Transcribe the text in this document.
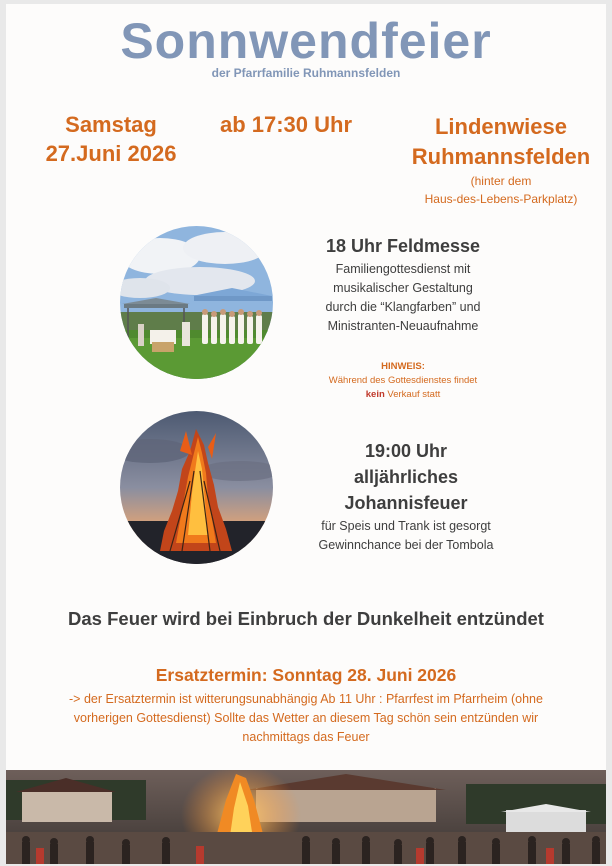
Sonnwendfeier
der Pfarrfamilie Ruhmannsfelden
Samstag
27.Juni 2026
ab 17:30 Uhr	Lindenwiese
Ruhmannsfelden
(hinter dem
Haus-des-Lebens-Parkplatz)
18 Uhr Feldmesse
Familiengottesdienst mit
musikalischer Gestaltung
durch die “Klangfarben” und
Ministranten-Neuaufnahme
HINWEIS:
Während des Gottesdienstes findet
kein Verkauf statt
19:00 Uhr
alljährliches
Johannisfeuer
für Speis und Trank ist gesorgt
Gewinnchance bei der Tombola
Das Feuer wird bei Einbruch der Dunkelheit entzündet
Ersatztermin: Sonntag 28. Juni 2026
-> der Ersatztermin ist witterungsunabhängig Ab 11 Uhr : Pfarrfest im Pfarrheim (ohne
vorherigen Gottesdienst) Sollte das Wetter an diesem Tag schön sein entzünden wir
nachmittags das Feuer
